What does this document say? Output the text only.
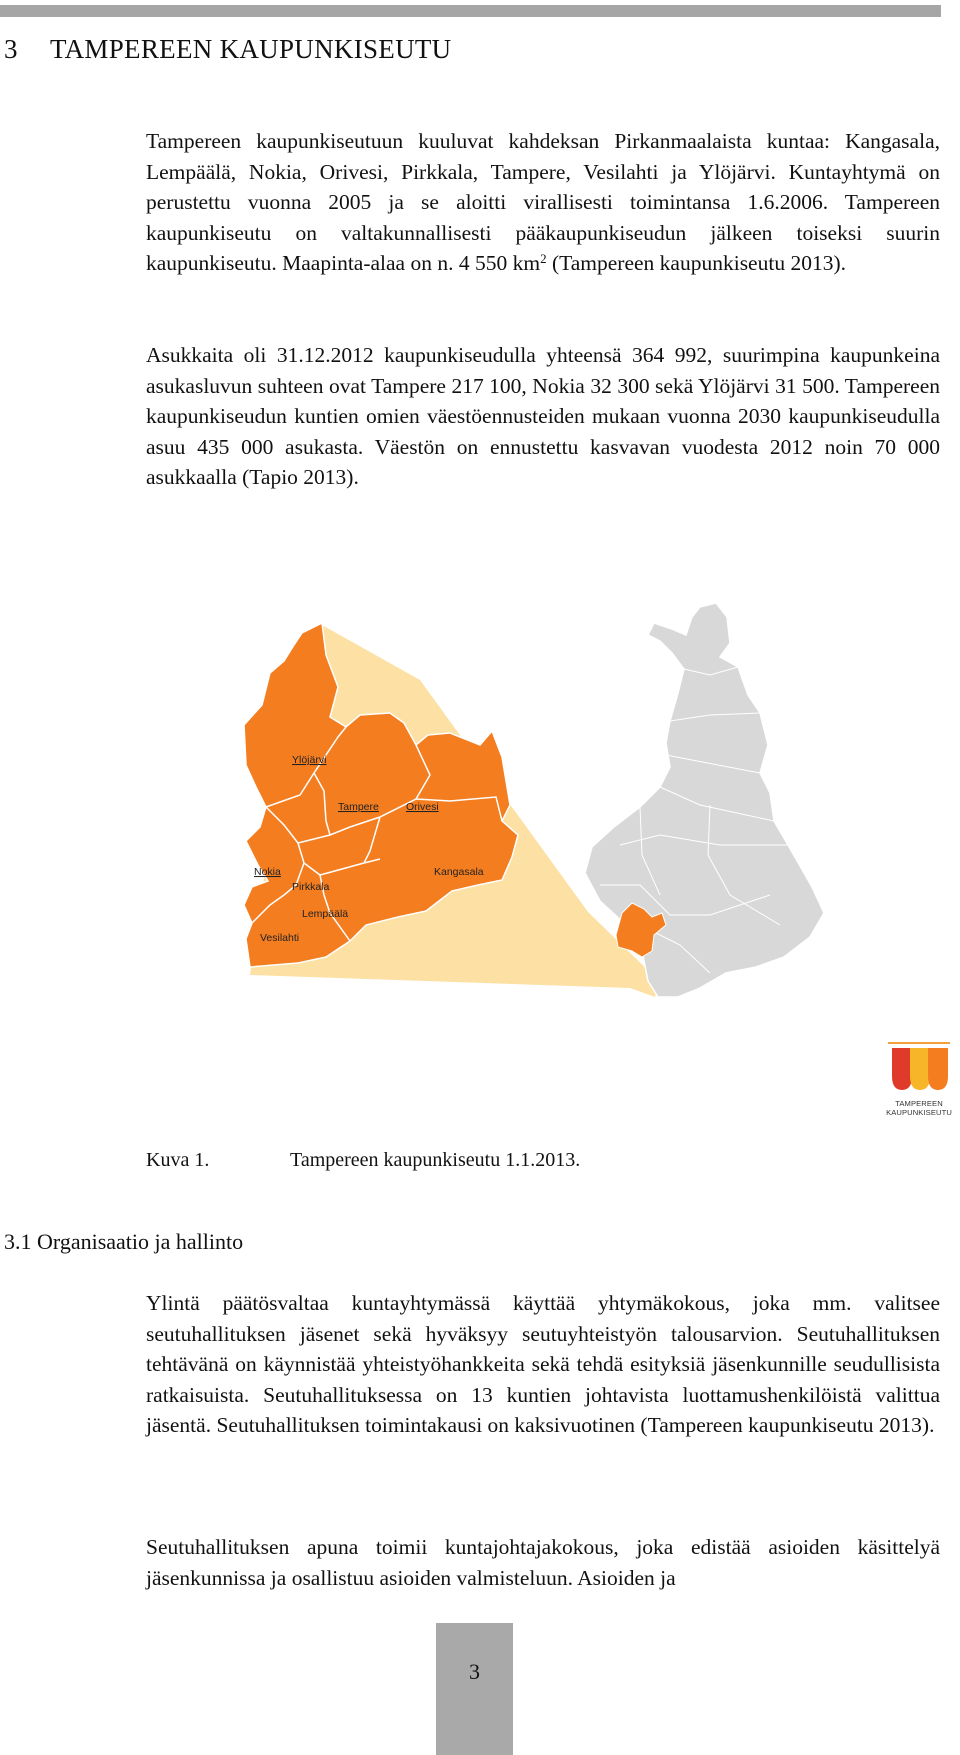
3 TAMPEREEN KAUPUNKISEUTU

Tampereen kaupunkiseutuun kuuluvat kahdeksan Pirkanmaalaista kuntaa: Kangasala, Lempäälä, Nokia, Orivesi, Pirkkala, Tampere, Vesilahti ja Ylöjärvi. Kuntayhtymä on perustettu vuonna 2005 ja se aloitti virallisesti toimintansa 1.6.2006. Tampereen kaupunkiseutu on valtakunnallisesti pääkaupunkiseudun jälkeen toiseksi suurin kaupunkiseutu. Maapinta-alaa on n. 4 550 $km^2$ (Tampereen kaupunkiseutu 2013).

Asukkaita oli 31.12.2012 kaupunkiseudulla yhteensä 364 992, suurimpina kaupunkeina asukasluvun suhteen ovat Tampere 217 100, Nokia 32 300 sekä Ylöjärvi 31 500. Tampereen kaupunkiseudun kuntien omien väestöennusteiden mukaan vuonna 2030 kaupunkiseudulla asuu 435 000 asukasta. Väestön on ennustettu kasvavan vuodesta 2012 noin 70 000 asukkaalla (Tapio 2013).

Ylöjärvi
Tampere	Orivesi
Nokia	Kangasala
Pirkkala
Lempäälä
Vesilahti
TAMPEREEN
KAUPUNKISEUTU
Kuva 1.	Tampereen kaupunkiseutu 1.1.2013.
3.1 Organisaatio ja hallinto

Ylintä päätösvaltaa kuntayhtymässä käyttää yhtymäkokous, joka mm. valitsee seutuhallituksen jäsenet sekä hyväksyy seutuyhteistyön talousarvion. Seutuhallituksen tehtävänä on käynnistää yhteistyöhankkeita sekä tehdä esityksiä jäsenkunnille seudullisista ratkaisuista. Seutuhallituksessa on 13 kuntien johtavista luottamushenkilöistä valittua jäsentä. Seutuhallituksen toimintakausi on kaksivuotinen (Tampereen kaupunkiseutu 2013).

Seutuhallituksen apuna toimii kuntajohtajakokous, joka edistää asioiden käsittelyä jäsenkunnissa ja osallistuu asioiden valmisteluun. Asioiden ja

3
